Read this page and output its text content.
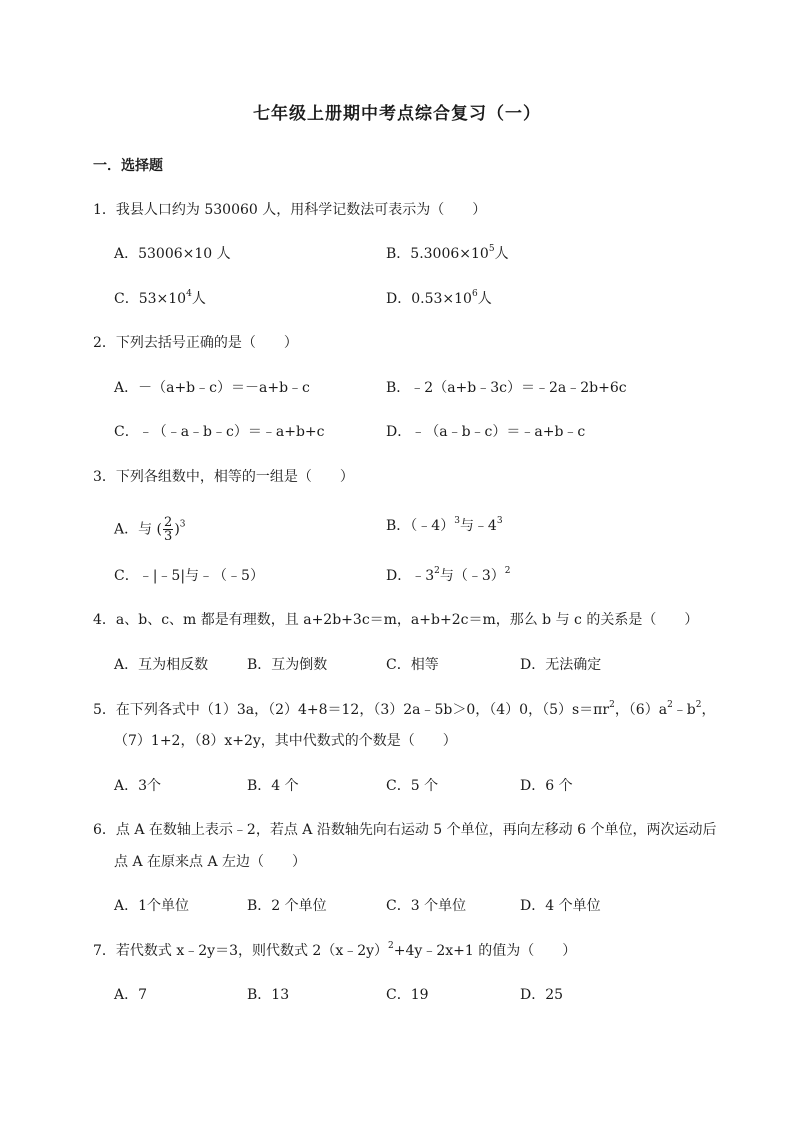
七年级上册期中考点综合复习（一）
一．选择题
1．我县人口约为 530060 人，用科学记数法可表示为（　　）
A．53006×10 人	B．$5.3006\times 10^5$人
C．$53\times 10^4$人	D．$0.53\times 10^6$人
2．下列去括号正确的是（　　）
A．－（a+b﹣c）＝－a+b﹣c	B．﹣2（a+b﹣3c）＝﹣2a﹣2b+6c
C．﹣（﹣a﹣b﹣c）＝﹣a+b+c	D．﹣（a﹣b﹣c）＝﹣a+b﹣c
3．下列各组数中，相等的一组是（　　）
A．与 ( $\frac{2}{3} )^3$	B．（﹣4）$^3$与$﹣4^3$
C．﹣|﹣5|与﹣（﹣5）	D．$﹣3^2$与（﹣3）$^2$
4．a、b、c、m 都是有理数，且 a+2b+3c＝m，a+b+2c＝m，那么 b 与 c 的关系是（　　）
A．互为相反数	B．互为倒数	C．相等	D．无法确定
5．在下列各式中（1）3a，（2）4+8＝12，（3）2a﹣5b＞0，（4）0，$(5)s=\pi r^2$，$(6)a^2﹣b^2$，
（7）1+2，（8）x+2y，其中代数式的个数是（　　）
A．3个	B．4 个	C．5 个	D．6 个
6．点 A 在数轴上表示﹣2，若点 A 沿数轴先向右运动 5 个单位，再向左移动 6 个单位，两次运动后
点 A 在原来点 A 左边（　　）
A．1个单位	B．2 个单位	C．3 个单位	D．4 个单位
7．若代数式 x﹣2y＝3，则代数式 2（x﹣2y）$^2$+4y﹣2x+1 的值为（　　）
A．7	B．13	C．19	D．25
